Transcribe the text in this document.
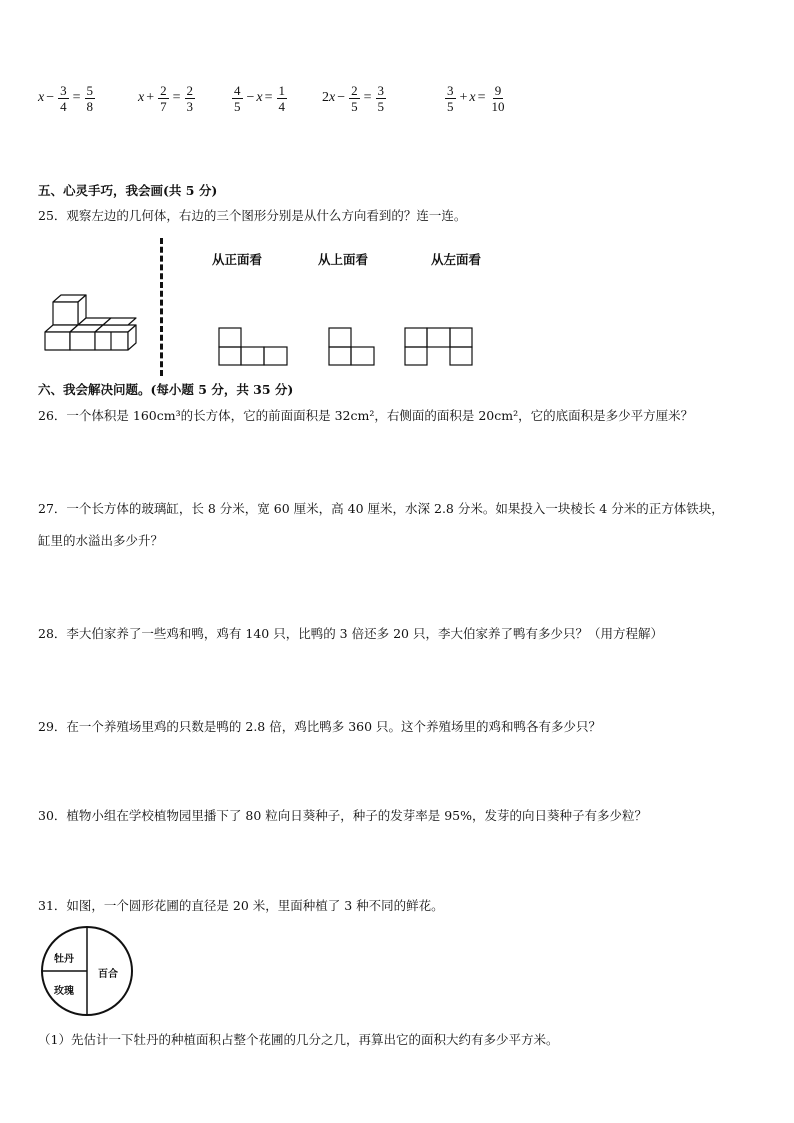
$x - \frac{3}{4} = \frac{5}{8}$	$x + \frac{2}{7} = \frac{2}{3}$	$\frac{4}{5} - x = \frac{1}{4} 2$ $x - \frac{2}{5} = \frac{3}{5}$	$\frac{3}{5} + x = \frac{9}{10}$
五、心灵手巧，我会画(共 5 分)
25．观察左边的几何体，右边的三个图形分别是从什么方向看到的？连一连。
从正面看	从上面看	从左面看
六、我会解决问题。(每小题 5 分，共 35 分)
26．一个体积是 160cm³的长方体，它的前面面积是 32cm²，右侧面的面积是 20cm²，它的底面积是多少平方厘米？
27．一个长方体的玻璃缸，长 8 分米，宽 60 厘米，高 40 厘米，水深 2.8 分米。如果投入一块棱长 4 分米的正方体铁块，
缸里的水溢出多少升？
28．李大伯家养了一些鸡和鸭，鸡有 140 只，比鸭的 3 倍还多 20 只，李大伯家养了鸭有多少只？（用方程解）
29．在一个养殖场里鸡的只数是鸭的 2.8 倍，鸡比鸭多 360 只。这个养殖场里的鸡和鸭各有多少只？
30．植物小组在学校植物园里播下了 80 粒向日葵种子，种子的发芽率是 95%，发芽的向日葵种子有多少粒？
31．如图，一个圆形花圃的直径是 20 米，里面种植了 3 种不同的鲜花。
牡丹
百合
玫瑰
（1）先估计一下牡丹的种植面积占整个花圃的几分之几，再算出它的面积大约有多少平方米。
